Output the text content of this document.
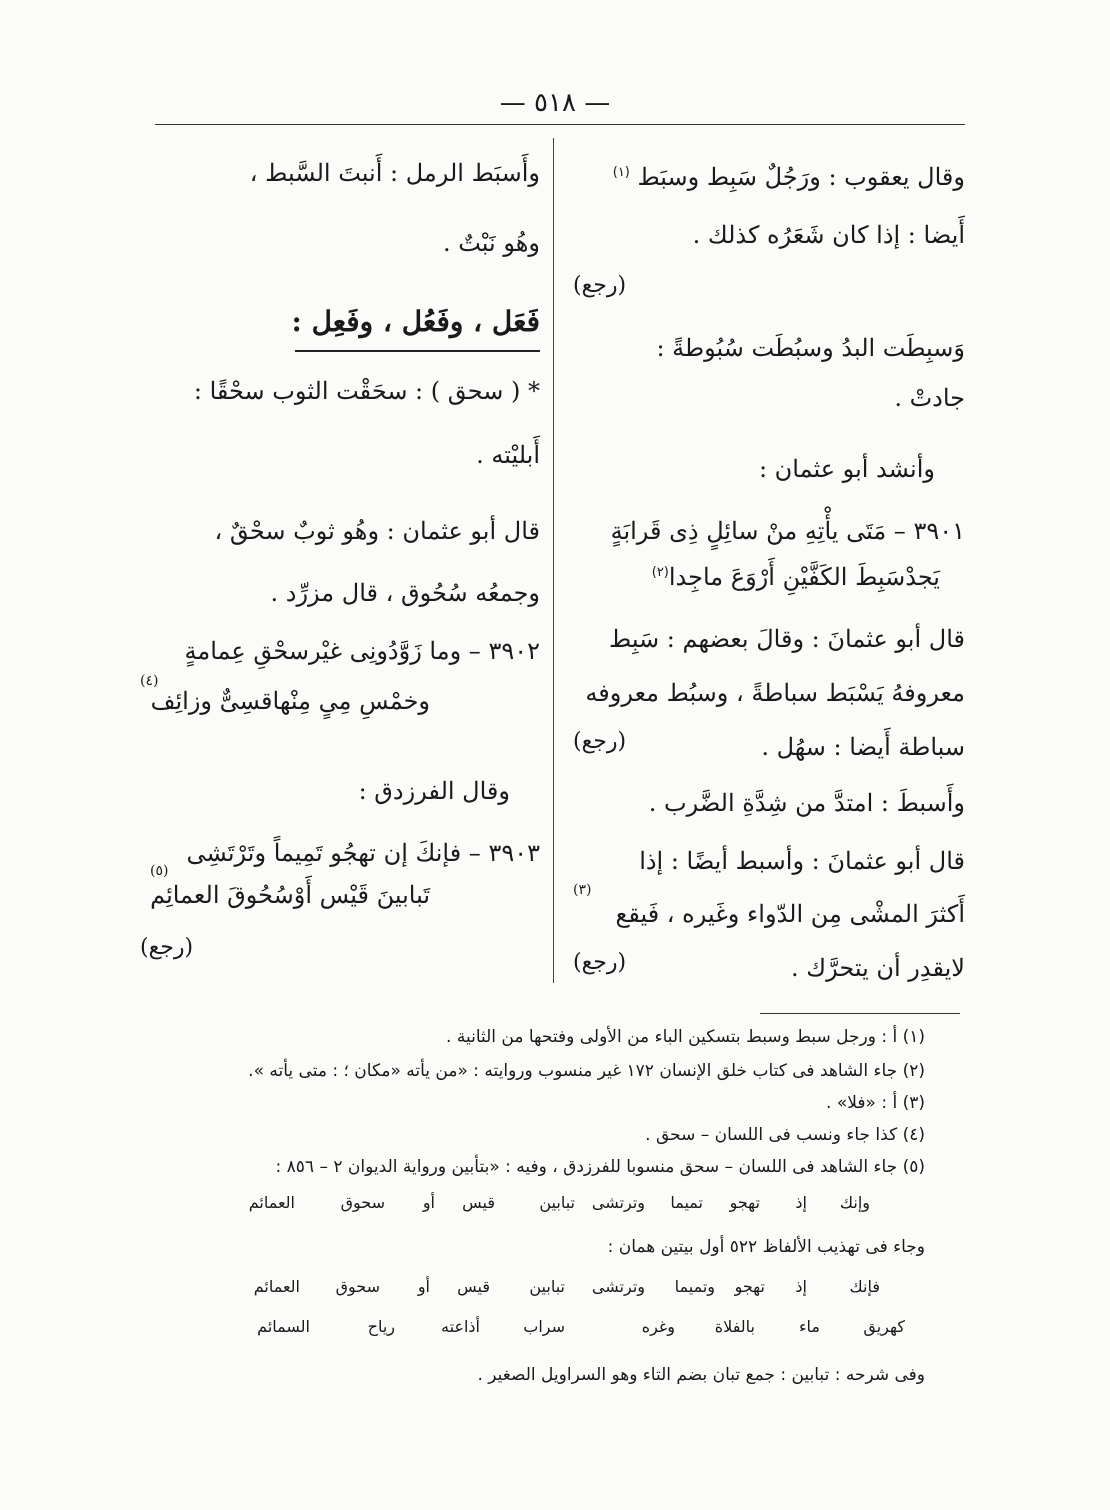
— ٥١٨ —
وقال يعقوب : ورَجُلٌ سَبِط وسبَط $^{(١)}$
أَيضا : إذا كان شَعَرُه كذلك .
(رجع)
وَسبِطَت البدُ وسبُطَت سُبُوطةً :
جادتْ .
وأنشد أبو عثمان :
٣٩٠١ – مَتَى يأْتِهِ منْ سائِلٍ ذِى قَرابَةٍ
يَجدْسَبِطَ الكَفَّيْنِ أَرْوَعَ ماجِدا$^{(٢)}$
قال أبو عثمانَ : وقالَ بعضهم : سَبِط
معروفهُ يَسْبَط سباطةً ، وسبُط معروفه
سباطة أَيضا : سهُل .
(رجع)
وأَسبطَ : امتدَّ من شِدَّةِ الضَّرب .
قال أبو عثمانَ : وأسبط أيضًا : إذا
أَكثرَ المشْى مِن الدّواء وغَيره ، فَيقع
(٣)
لايقدِر أن يتحرَّك .
(رجع)
وأَسبَط الرمل : أَنبتَ السَّبط ،
وهُو نَبْتٌ .
فَعَل ، وفَعُل ، وفَعِل :
* ( سحق ) : سحَقْت الثوب سحْقًا :
أَبليْته .
قال أبو عثمان : وهُو ثوبٌ سحْقٌ ،
وجمعُه سُحُوق ، قال مزرِّد .
٣٩٠٢ – وما زَوَّدُونِى غيْرسحْقِ عِمامةٍ
وخمْسِ مِىٍ مِنْهاقسِىٌّ وزائِف
(٤)
وقال الفرزدق :
٣٩٠٣ – فإنكَ إن تهجُو تَمِيماً وتَرْتَشِى
تَبابينَ قَيْس أَوْسُحُوقَ العمائِم
(٥)
(رجع)
(١) أ : ورجل سبط وسبط بتسكين الباء من الأولى وفتحها من الثانية .
(٢) جاء الشاهد فى كتاب خلق الإنسان ١٧٢ غير منسوب وروايته : «من يأته «مكان ؛ : متى يأته ».
(٣) أ : «فلا» .
(٤) كذا جاء ونسب فى اللسان – سحق .
(٥) جاء الشاهد فى اللسان – سحق منسوبا للفرزدق ، وفيه : «بتأبين ورواية الديوان ٢ – ٨٥٦ :
وإنك
إذ
تهجو
تميما
وترتشى
تبابين
قيس
أو
سحوق
العمائم
وجاء فى تهذيب الألفاظ ٥٢٢ أول بيتين همان :
فإنك
إذ
تهجو
وتميما
وترتشى
تبابين
قيس
أو
سحوق
العمائم
كهريق
ماء
بالفلاة
وغره
سراب
أذاعته
رياح
السمائم
وفى شرحه : تبابين : جمع تبان بضم التاء وهو السراويل الصغير .
